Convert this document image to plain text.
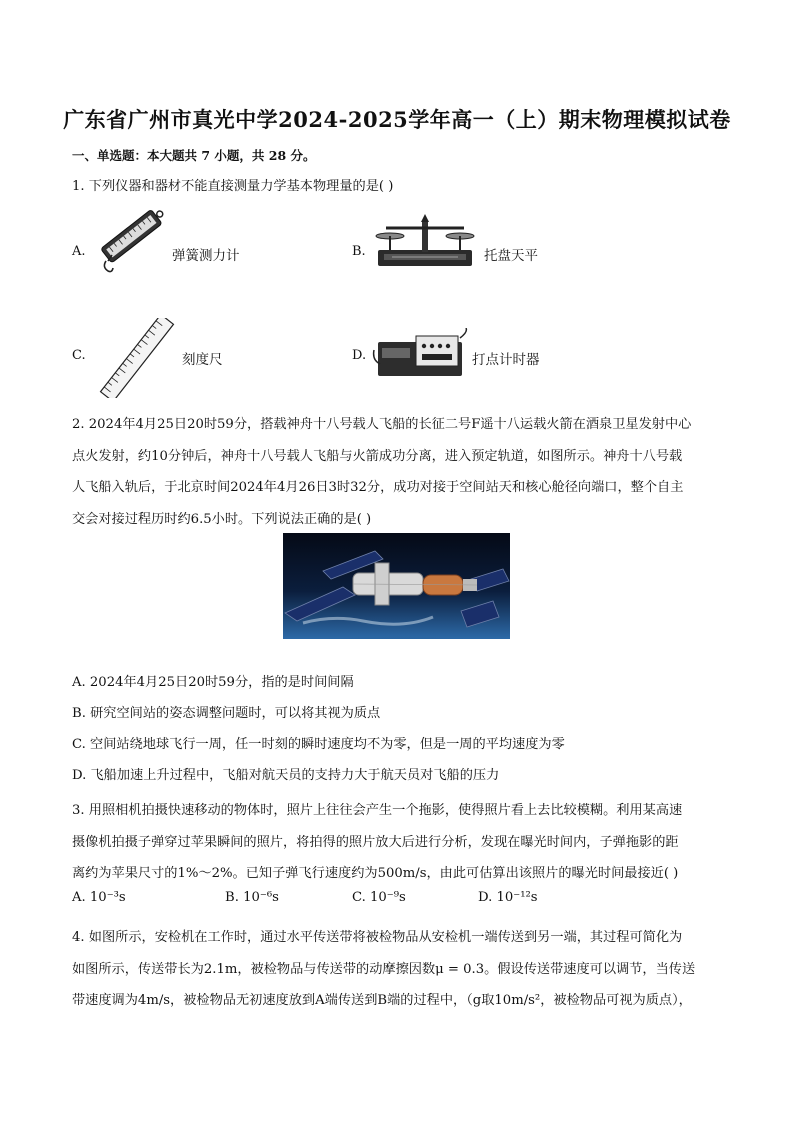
广东省广州市真光中学2024-2025学年高一（上）期末物理模拟试卷
一、单选题：本大题共 7 小题，共 28 分。
1. 下列仪器和器材不能直接测量力学基本物理量的是( )
A.	弹簧测力计	B.	托盘天平
C.	刻度尺	D.	打点计时器
2. 2024年4月25日20时59分，搭载神舟十八号载人飞船的长征二号F遥十八运载火箭在酒泉卫星发射中心
点火发射，约10分钟后，神舟十八号载人飞船与火箭成功分离，进入预定轨道，如图所示。神舟十八号载
人飞船入轨后，于北京时间2024年4月26日3时32分，成功对接于空间站天和核心舱径向端口，整个自主
交会对接过程历时约6.5小时。下列说法正确的是( )
A. 2024年4月25日20时59分，指的是时间间隔
B. 研究空间站的姿态调整问题时，可以将其视为质点
C. 空间站绕地球飞行一周，任一时刻的瞬时速度均不为零，但是一周的平均速度为零
D. 飞船加速上升过程中，飞船对航天员的支持力大于航天员对飞船的压力
3. 用照相机拍摄快速移动的物体时，照片上往往会产生一个拖影，使得照片看上去比较模糊。利用某高速
摄像机拍摄子弹穿过苹果瞬间的照片，将拍得的照片放大后进行分析，发现在曝光时间内，子弹拖影的距
离约为苹果尺寸的1%～2%。已知子弹飞行速度约为500m/s，由此可估算出该照片的曝光时间最接近( )
A. 10⁻³s	B. 10⁻⁶s	C. 10⁻⁹s	D. 10⁻¹²s
4. 如图所示，安检机在工作时，通过水平传送带将被检物品从安检机一端传送到另一端，其过程可简化为
如图所示，传送带长为2.1m，被检物品与传送带的动摩擦因数μ = 0.3。假设传送带速度可以调节，当传送
带速度调为4m/s，被检物品无初速度放到A端传送到B端的过程中，（g取10m/s²，被检物品可视为质点），
